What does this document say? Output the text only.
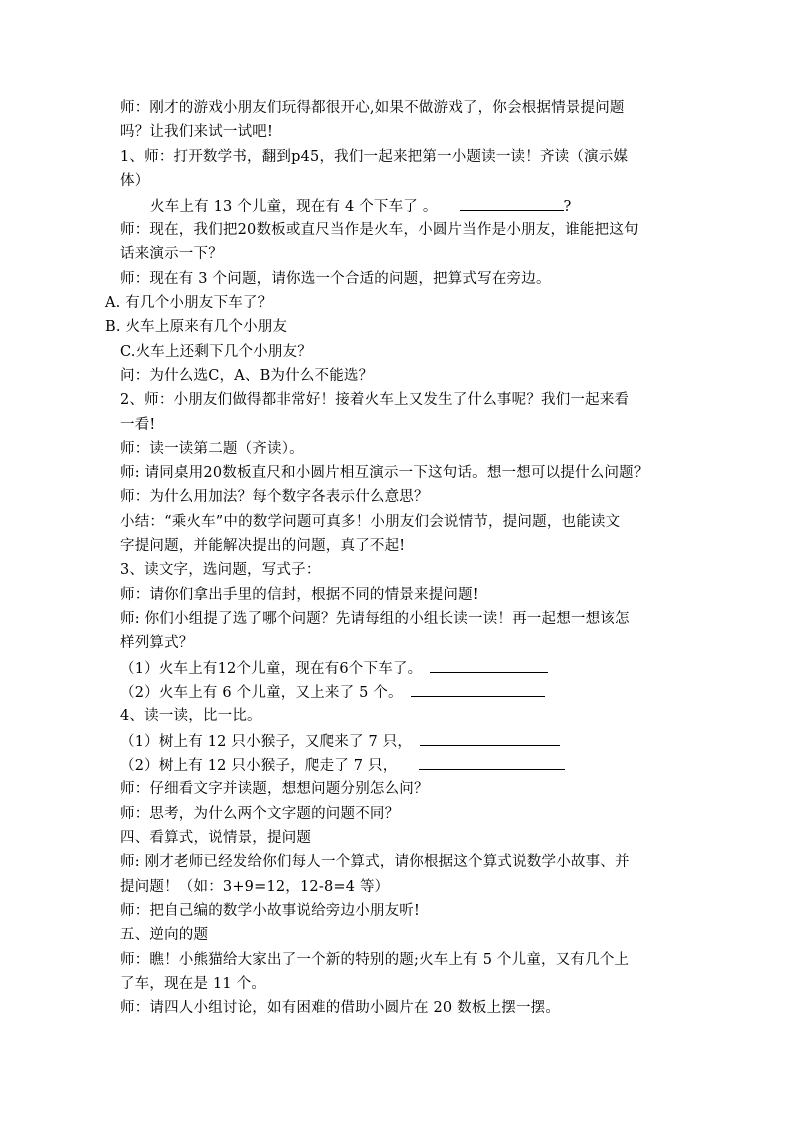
师：刚才的游戏小朋友们玩得都很开心,如果不做游戏了，你会根据情景提问题
吗？让我们来试一试吧!
1、师：打开数学书，翻到p45，我们一起来把第一小题读一读！齐读（演示媒
体）
火车上有 13 个儿童，现在有 4 个下车了 。	?
师：现在，我们把20数板或直尺当作是火车，小圆片当作是小朋友，谁能把这句
话来演示一下？
师：现在有 3 个问题，请你选一个合适的问题，把算式写在旁边。
A. 有几个小朋友下车了？
B. 火车上原来有几个小朋友
C.火车上还剩下几个小朋友？
问：为什么选C，A、B为什么不能选？
2、师：小朋友们做得都非常好！接着火车上又发生了什么事呢？我们一起来看
一看!
师：读一读第二题（齐读）。
师: 请同桌用20数板直尺和小圆片相互演示一下这句话。想一想可以提什么问题？
师：为什么用加法？每个数字各表示什么意思？
小结：“乘火车”中的数学问题可真多！小朋友们会说情节，提问题，也能读文
字提问题，并能解决提出的问题，真了不起!
3、读文字，选问题，写式子：
师：请你们拿出手里的信封，根据不同的情景来提问题!
师: 你们小组提了选了哪个问题？先请每组的小组长读一读！再一起想一想该怎
样列算式？
（1）火车上有12个儿童，现在有6个下车了。
（2）火车上有 6 个儿童，又上来了 5 个。
4、读一读，比一比。
（1）树上有 12 只小猴子，又爬来了 7 只，
（2）树上有 12 只小猴子，爬走了 7 只，
师：仔细看文字并读题，想想问题分别怎么问？
师：思考，为什么两个文字题的问题不同？
四、看算式，说情景，提问题
师: 刚才老师已经发给你们每人一个算式，请你根据这个算式说数学小故事、并
提问题！（如：3+9=12，12-8=4 等）
师：把自己编的数学小故事说给旁边小朋友听!
五、逆向的题
师：瞧！小熊猫给大家出了一个新的特别的题;火车上有 5 个儿童，又有几个上
了车，现在是 11 个。
师：请四人小组讨论，如有困难的借助小圆片在 20 数板上摆一摆。
